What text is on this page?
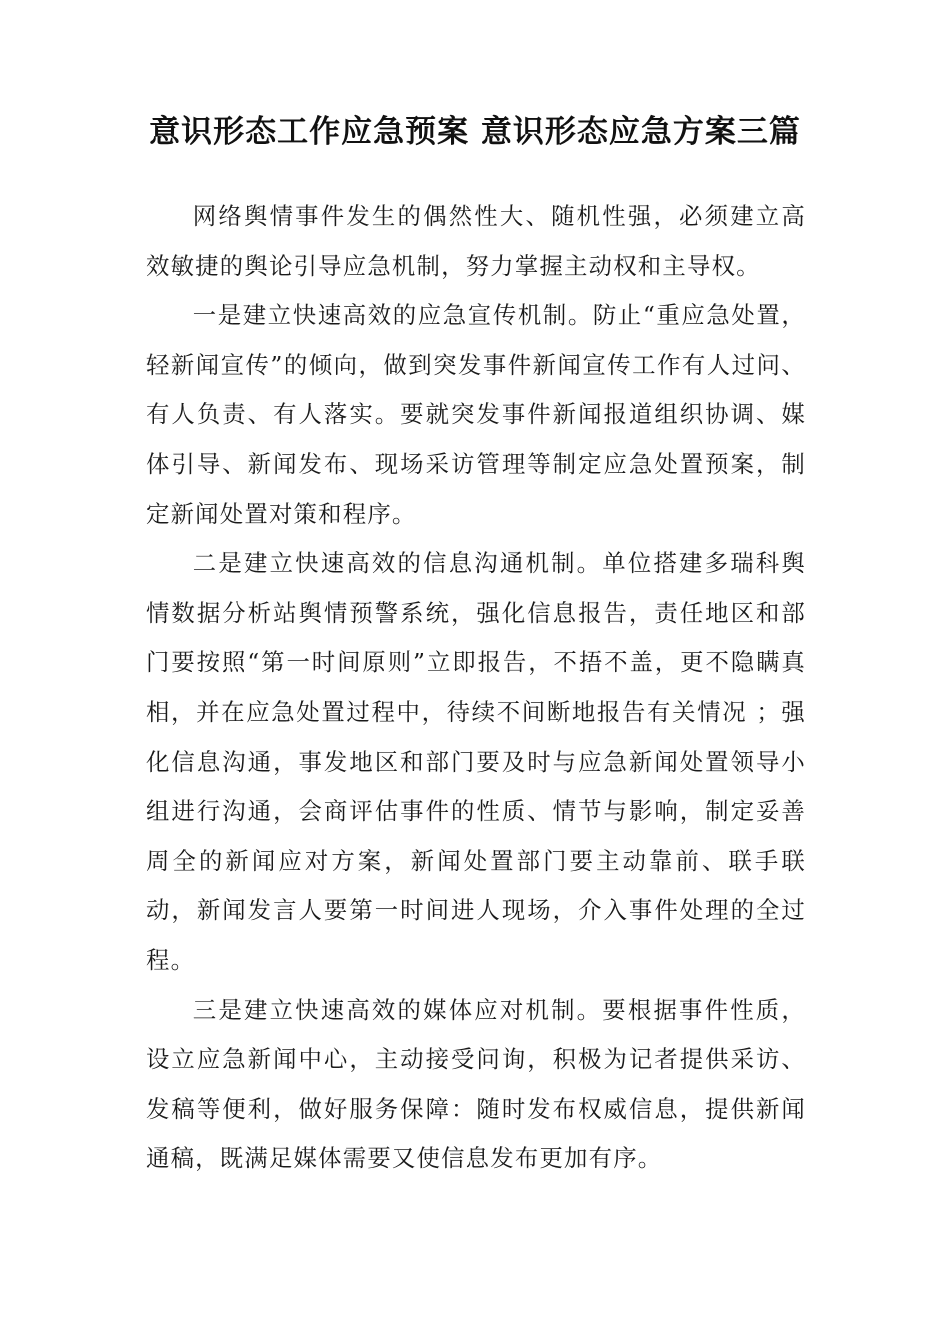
意识形态工作应急预案 意识形态应急方案三篇

网络舆情事件发生的偶然性大、随机性强，必须建立高效敏捷的舆论引导应急机制，努力掌握主动权和主导权。

一是建立快速高效的应急宣传机制。防止“重应急处置，轻新闻宣传”的倾向，做到突发事件新闻宣传工作有人过问、有人负责、有人落实。要就突发事件新闻报道组织协调、媒体引导、新闻发布、现场采访管理等制定应急处置预案，制定新闻处置对策和程序。

二是建立快速高效的信息沟通机制。单位搭建多瑞科舆情数据分析站舆情预警系统，强化信息报告，责任地区和部门要按照“第一时间原则”立即报告，不捂不盖，更不隐瞒真相，并在应急处置过程中，待续不间断地报告有关情况 ；强化信息沟通，事发地区和部门要及时与应急新闻处置领导小组进行沟通，会商评估事件的性质、情节与影响，制定妥善周全的新闻应对方案，新闻处置部门要主动靠前、联手联动，新闻发言人要第一时间进人现场，介入事件处理的全过程。

三是建立快速高效的媒体应对机制。要根据事件性质，设立应急新闻中心，主动接受问询，积极为记者提供采访、发稿等便利，做好服务保障：随时发布权威信息，提供新闻通稿，既满足媒体需要又使信息发布更加有序。
